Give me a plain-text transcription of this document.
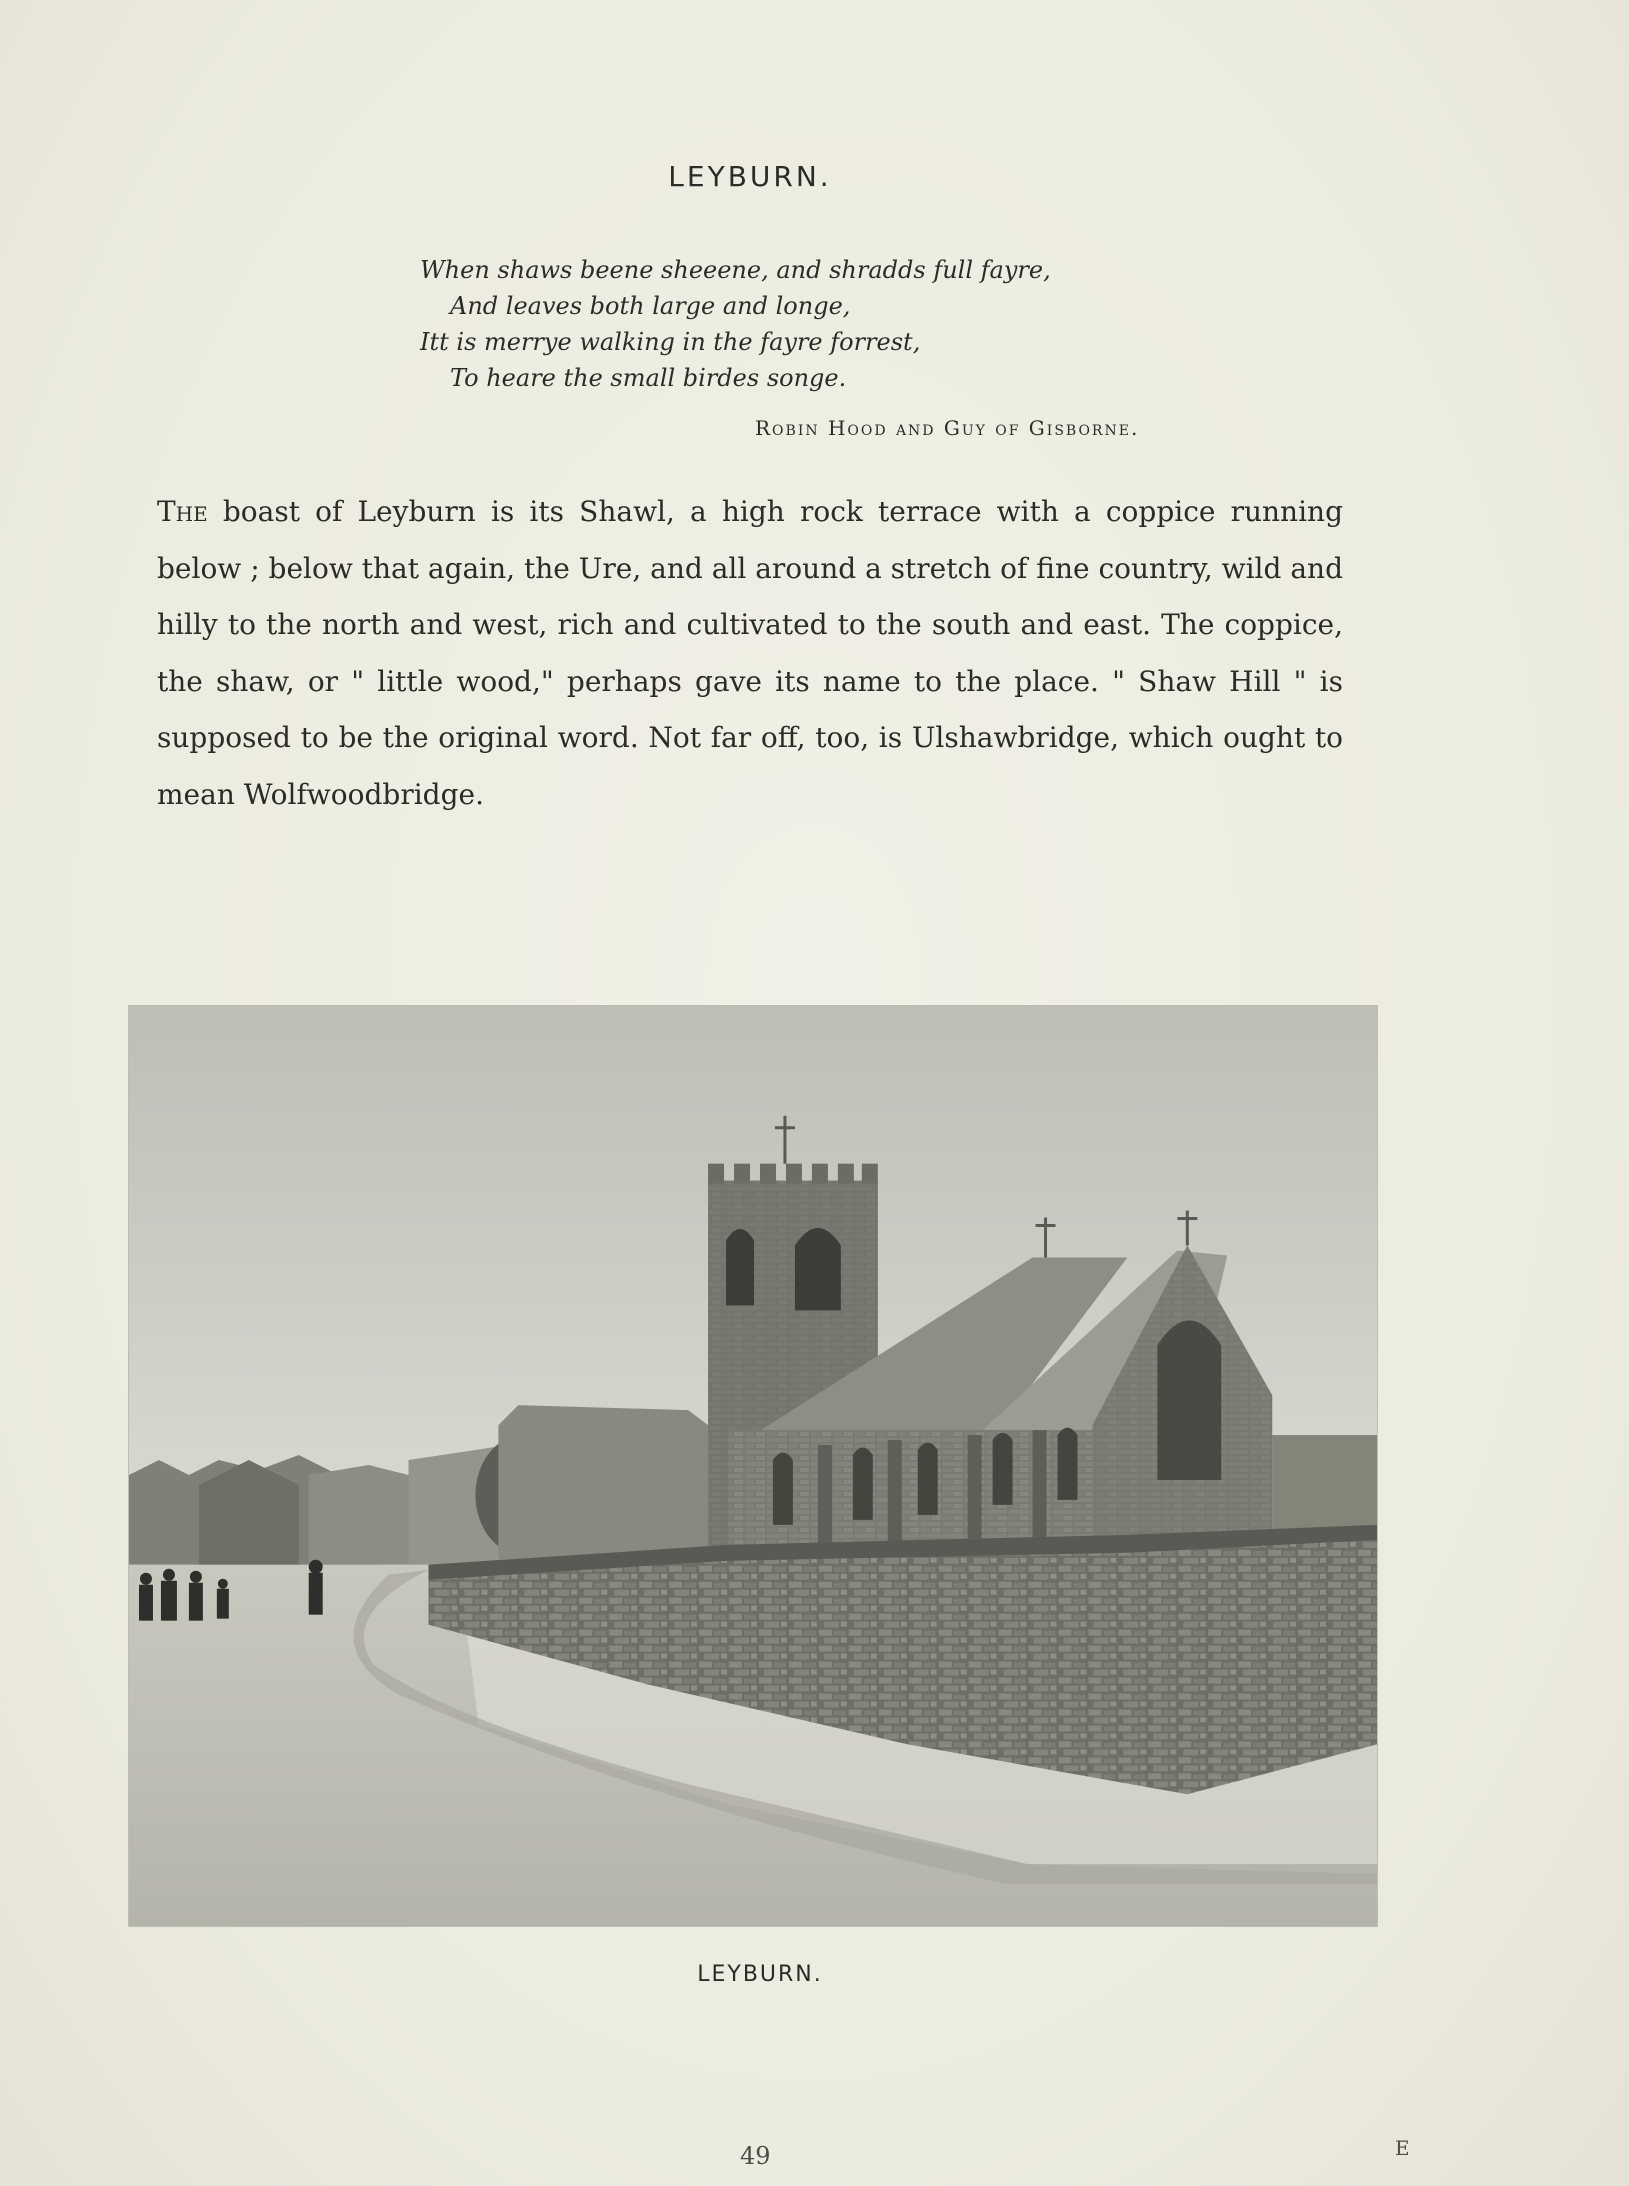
LEYBURN.
When shaws beene sheeene, and shradds full fayre,
And leaves both large and longe,
Itt is merrye walking in the fayre forrest,
To heare the small birdes songe.
Robin Hood and Guy of Gisborne.
The boast of Leyburn is its Shawl, a high rock terrace with a coppice running below ; below that again, the Ure, and all around a stretch of fine country, wild and hilly to the north and west, rich and cultivated to the south and east. The coppice, the shaw, or " little wood," perhaps gave its name to the place. " Shaw Hill " is supposed to be the original word. Not far off, too, is Ulshawbridge, which ought to mean Wolfwoodbridge.
LEYBURN.
49	E
